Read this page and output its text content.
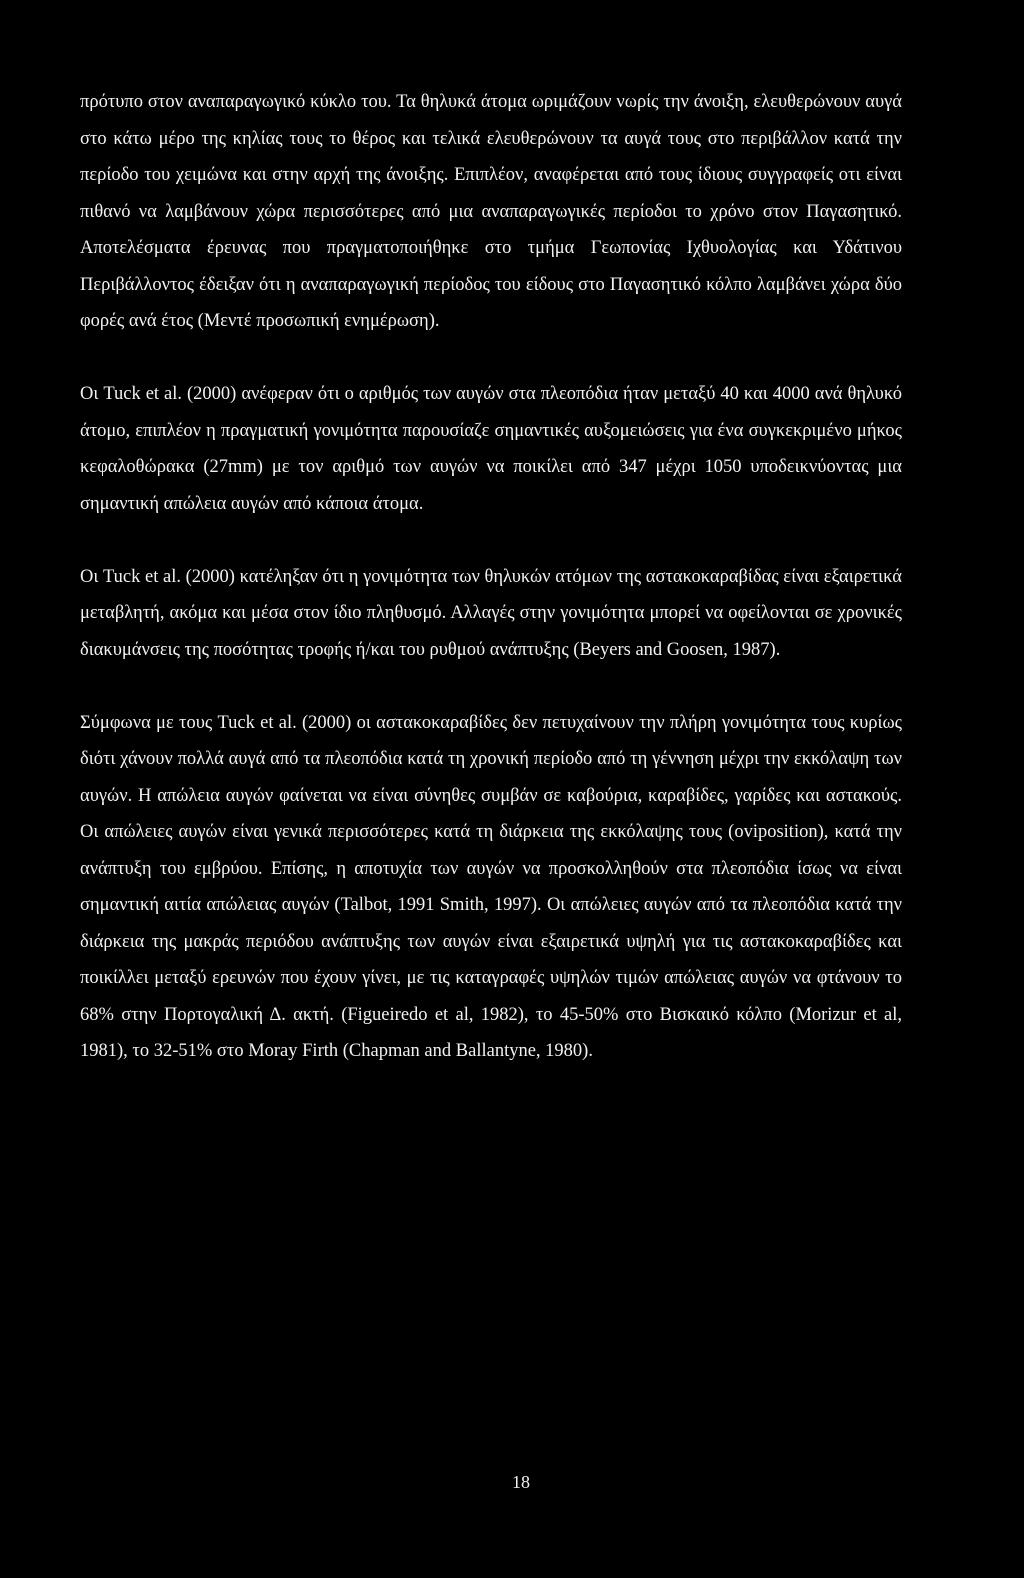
πρότυπο στον αναπαραγωγικό κύκλο του. Τα θηλυκά άτομα ωριμάζουν νωρίς την άνοιξη, ελευθερώνουν αυγά στο κάτω μέρο της κηλίας τους το θέρος και τελικά ελευθερώνουν τα αυγά τους στο περιβάλλον κατά την περίοδο του χειμώνα και στην αρχή της άνοιξης. Επιπλέον, αναφέρεται από τους ίδιους συγγραφείς οτι είναι πιθανό να λαμβάνουν χώρα περισσότερες από μια αναπαραγωγικές περίοδοι το χρόνο στον Παγασητικό. Αποτελέσματα έρευνας που πραγματοποιήθηκε στο τμήμα Γεωπονίας Ιχθυολογίας και Υδάτινου Περιβάλλοντος έδειξαν ότι η αναπαραγωγική περίοδος του είδους στο Παγασητικό κόλπο λαμβάνει χώρα δύο φορές ανά έτος (Μεντέ προσωπική ενημέρωση).

Οι Tuck et al. (2000) ανέφεραν ότι ο αριθμός των αυγών στα πλεοπόδια ήταν μεταξύ 40 και 4000 ανά θηλυκό άτομο, επιπλέον η πραγματική γονιμότητα παρουσίαζε σημαντικές αυξομειώσεις για ένα συγκεκριμένο μήκος κεφαλοθώρακα (27mm) με τον αριθμό των αυγών να ποικίλει από 347 μέχρι 1050 υποδεικνύοντας μια σημαντική απώλεια αυγών από κάποια άτομα.

Οι Tuck et al. (2000) κατέληξαν ότι η γονιμότητα των θηλυκών ατόμων της αστακοκαραβίδας είναι εξαιρετικά μεταβλητή, ακόμα και μέσα στον ίδιο πληθυσμό. Αλλαγές στην γονιμότητα μπορεί να οφείλονται σε χρονικές διακυμάνσεις της ποσότητας τροφής ή/και του ρυθμού ανάπτυξης (Beyers and Goosen, 1987).

Σύμφωνα με τους Tuck et al. (2000) οι αστακοκαραβίδες δεν πετυχαίνουν την πλήρη γονιμότητα τους κυρίως διότι χάνουν πολλά αυγά από τα πλεοπόδια κατά τη χρονική περίοδο από τη γέννηση μέχρι την εκκόλαψη των αυγών. Η απώλεια αυγών φαίνεται να είναι σύνηθες συμβάν σε καβούρια, καραβίδες, γαρίδες και αστακούς. Οι απώλειες αυγών είναι γενικά περισσότερες κατά τη διάρκεια της εκκόλαψης τους (oviposition), κατά την ανάπτυξη του εμβρύου. Επίσης, η αποτυχία των αυγών να προσκολληθούν στα πλεοπόδια ίσως να είναι σημαντική αιτία απώλειας αυγών (Talbot, 1991 Smith, 1997). Οι απώλειες αυγών από τα πλεοπόδια κατά την διάρκεια της μακράς περιόδου ανάπτυξης των αυγών είναι εξαιρετικά υψηλή για τις αστακοκαραβίδες και ποικίλλει μεταξύ ερευνών που έχουν γίνει, με τις καταγραφές υψηλών τιμών απώλειας αυγών να φτάνουν το 68% στην Πορτογαλική Δ. ακτή. (Figueiredo et al, 1982), το 45-50% στο Βισκαικό κόλπο (Morizur et al, 1981), το 32-51% στο Moray Firth (Chapman and Ballantyne, 1980).

18
